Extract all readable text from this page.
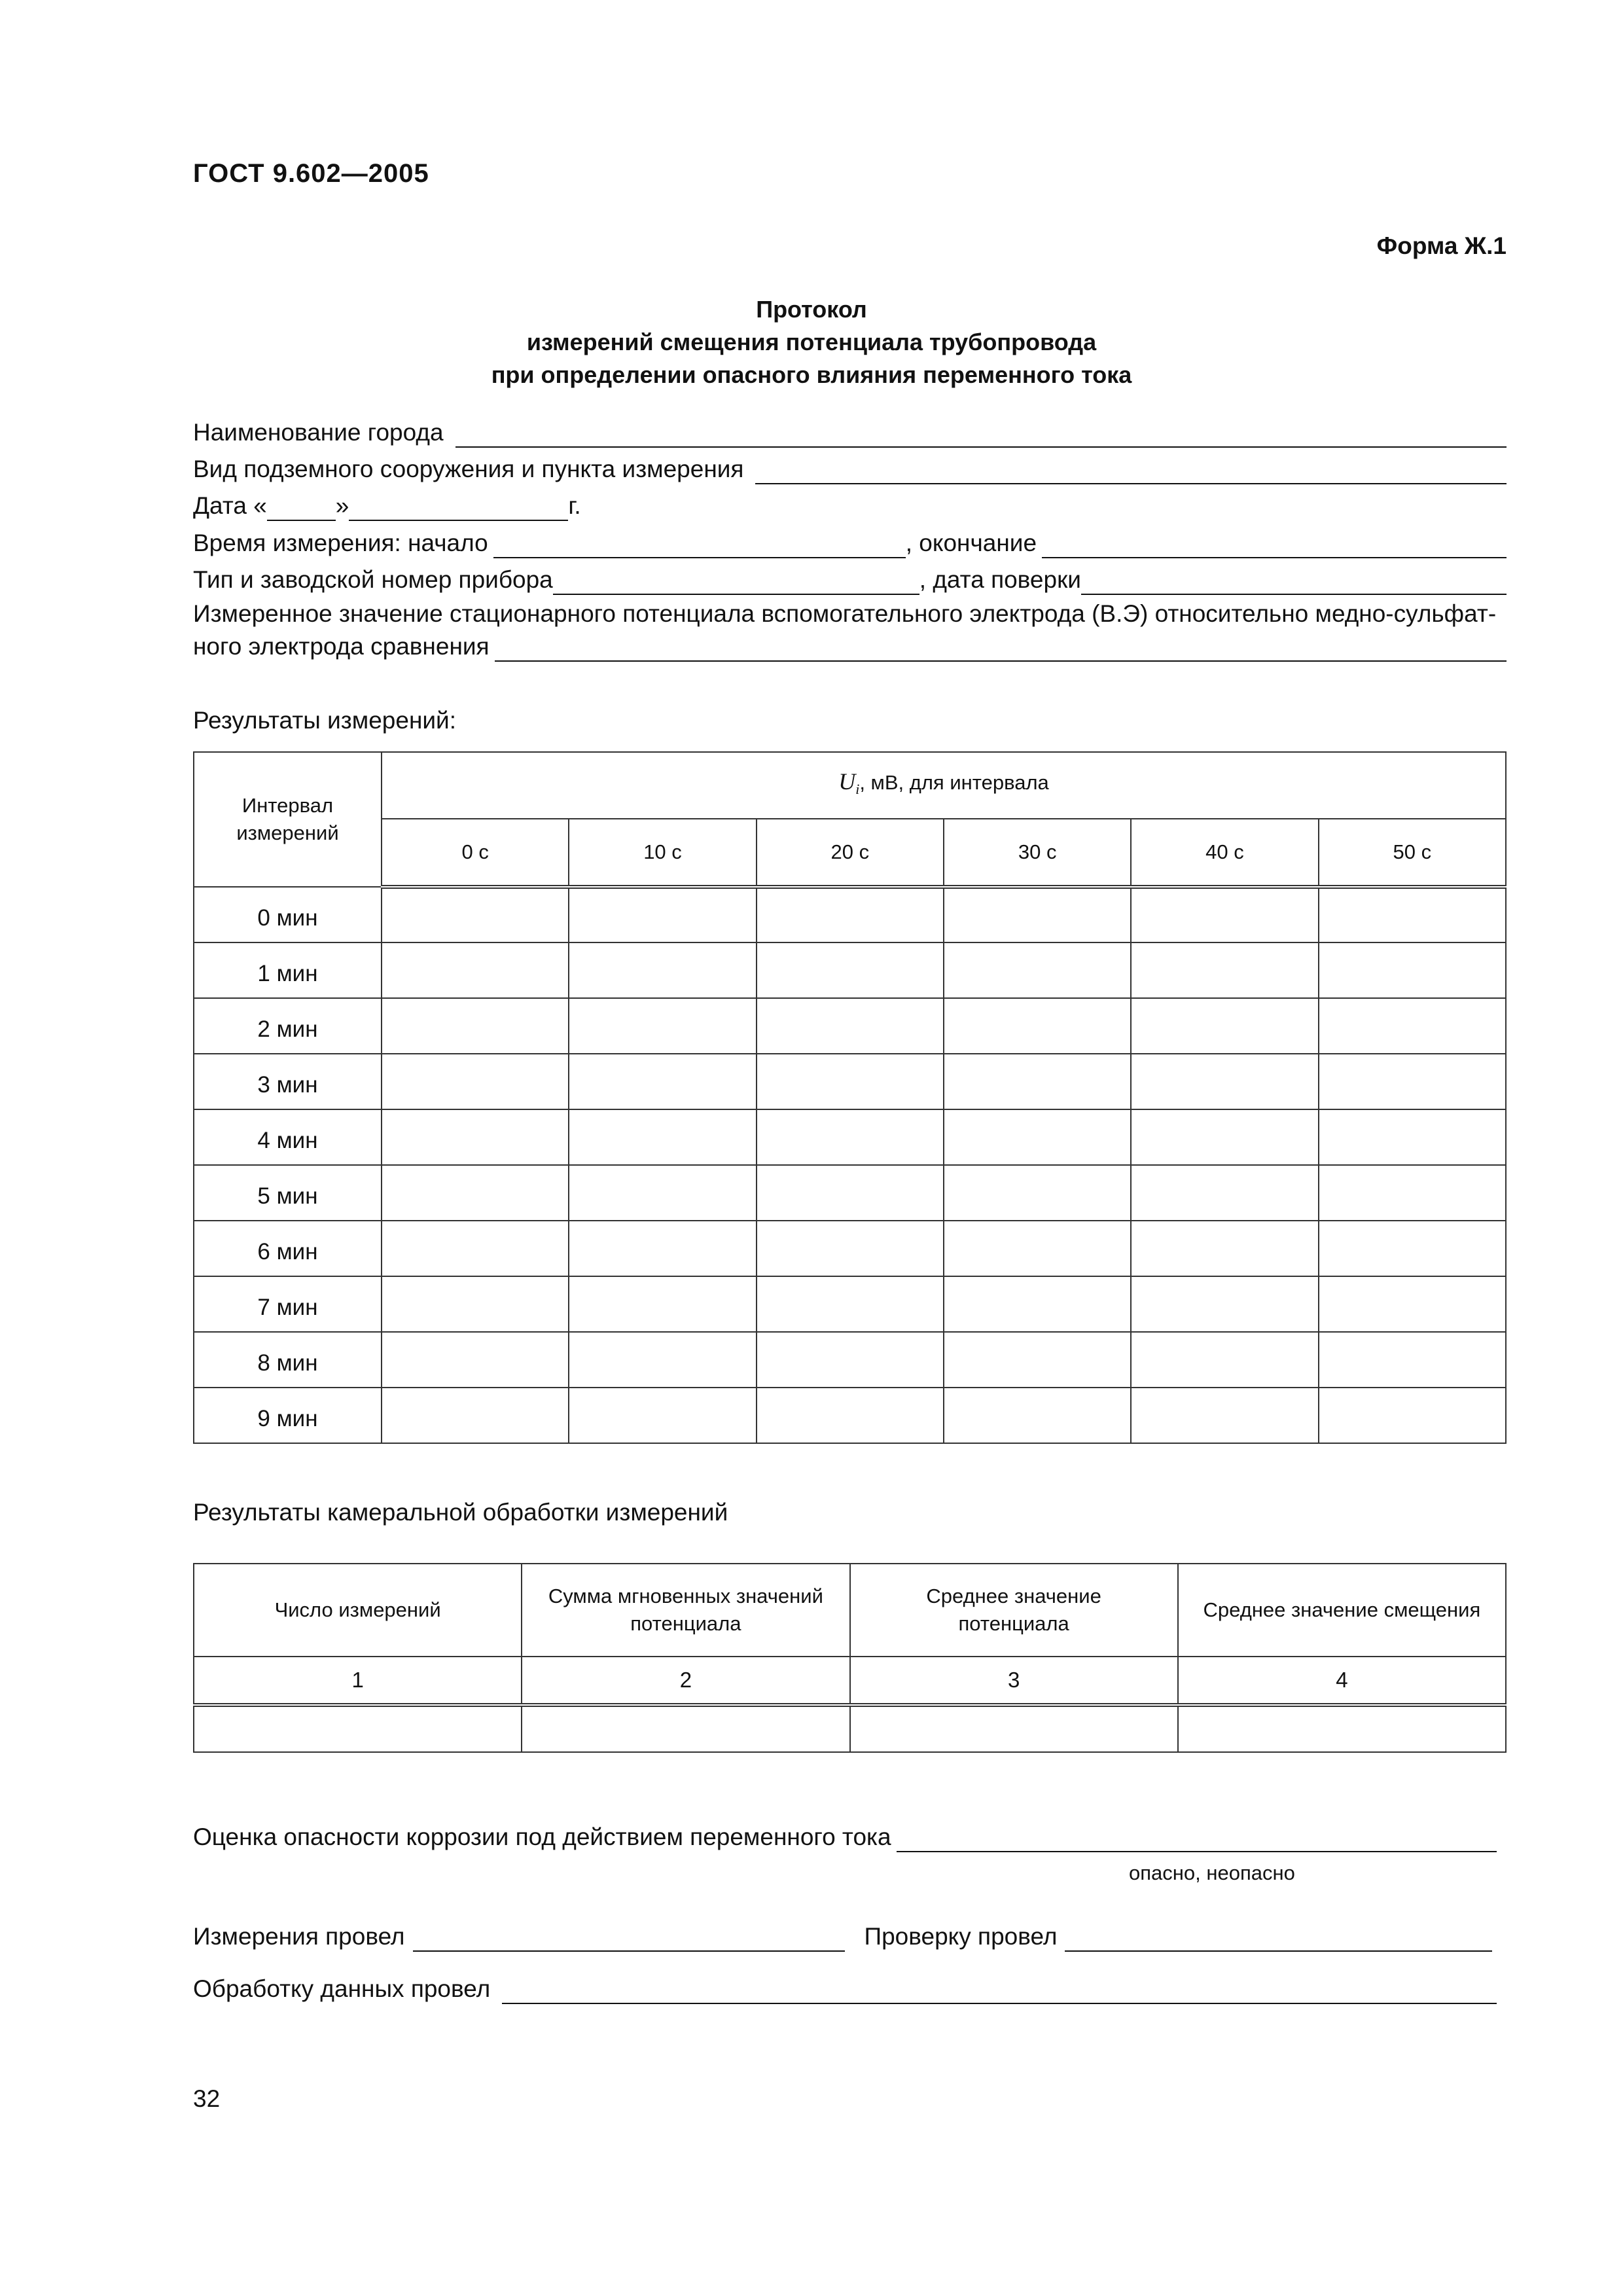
ГОСТ 9.602—2005
Форма Ж.1
Протокол
измерений смещения потенциала трубопровода
при определении опасного влияния переменного тока
Наименование города
Вид подземного сооружения и пункта измерения
Дата «	»	г.
Время измерения: начало	, окончание
Тип и заводской номер прибора	, дата поверки
Измеренное значение стационарного потенциала вспомогательного электрода (В.Э) относительно медно-сульфат-
ного электрода сравнения
Результаты измерений:
Интервал измерений	$U_i$, мВ, для интервала					
	0 с	10 с	20 с	30 с	40 с	50 с
0 мин						
1 мин						
2 мин						
3 мин						
4 мин						
5 мин						
6 мин						
7 мин						
8 мин						
9 мин						
Результаты камеральной обработки измерений
Число измерений	Сумма мгновенных значений потенциала	Среднее значение потенциала	Среднее значение смещения

1	2	3	4

Оценка опасности коррозии под действием переменного тока
опасно, неопасно
Измерения провел	Проверку провел
Обработку данных провел
32
